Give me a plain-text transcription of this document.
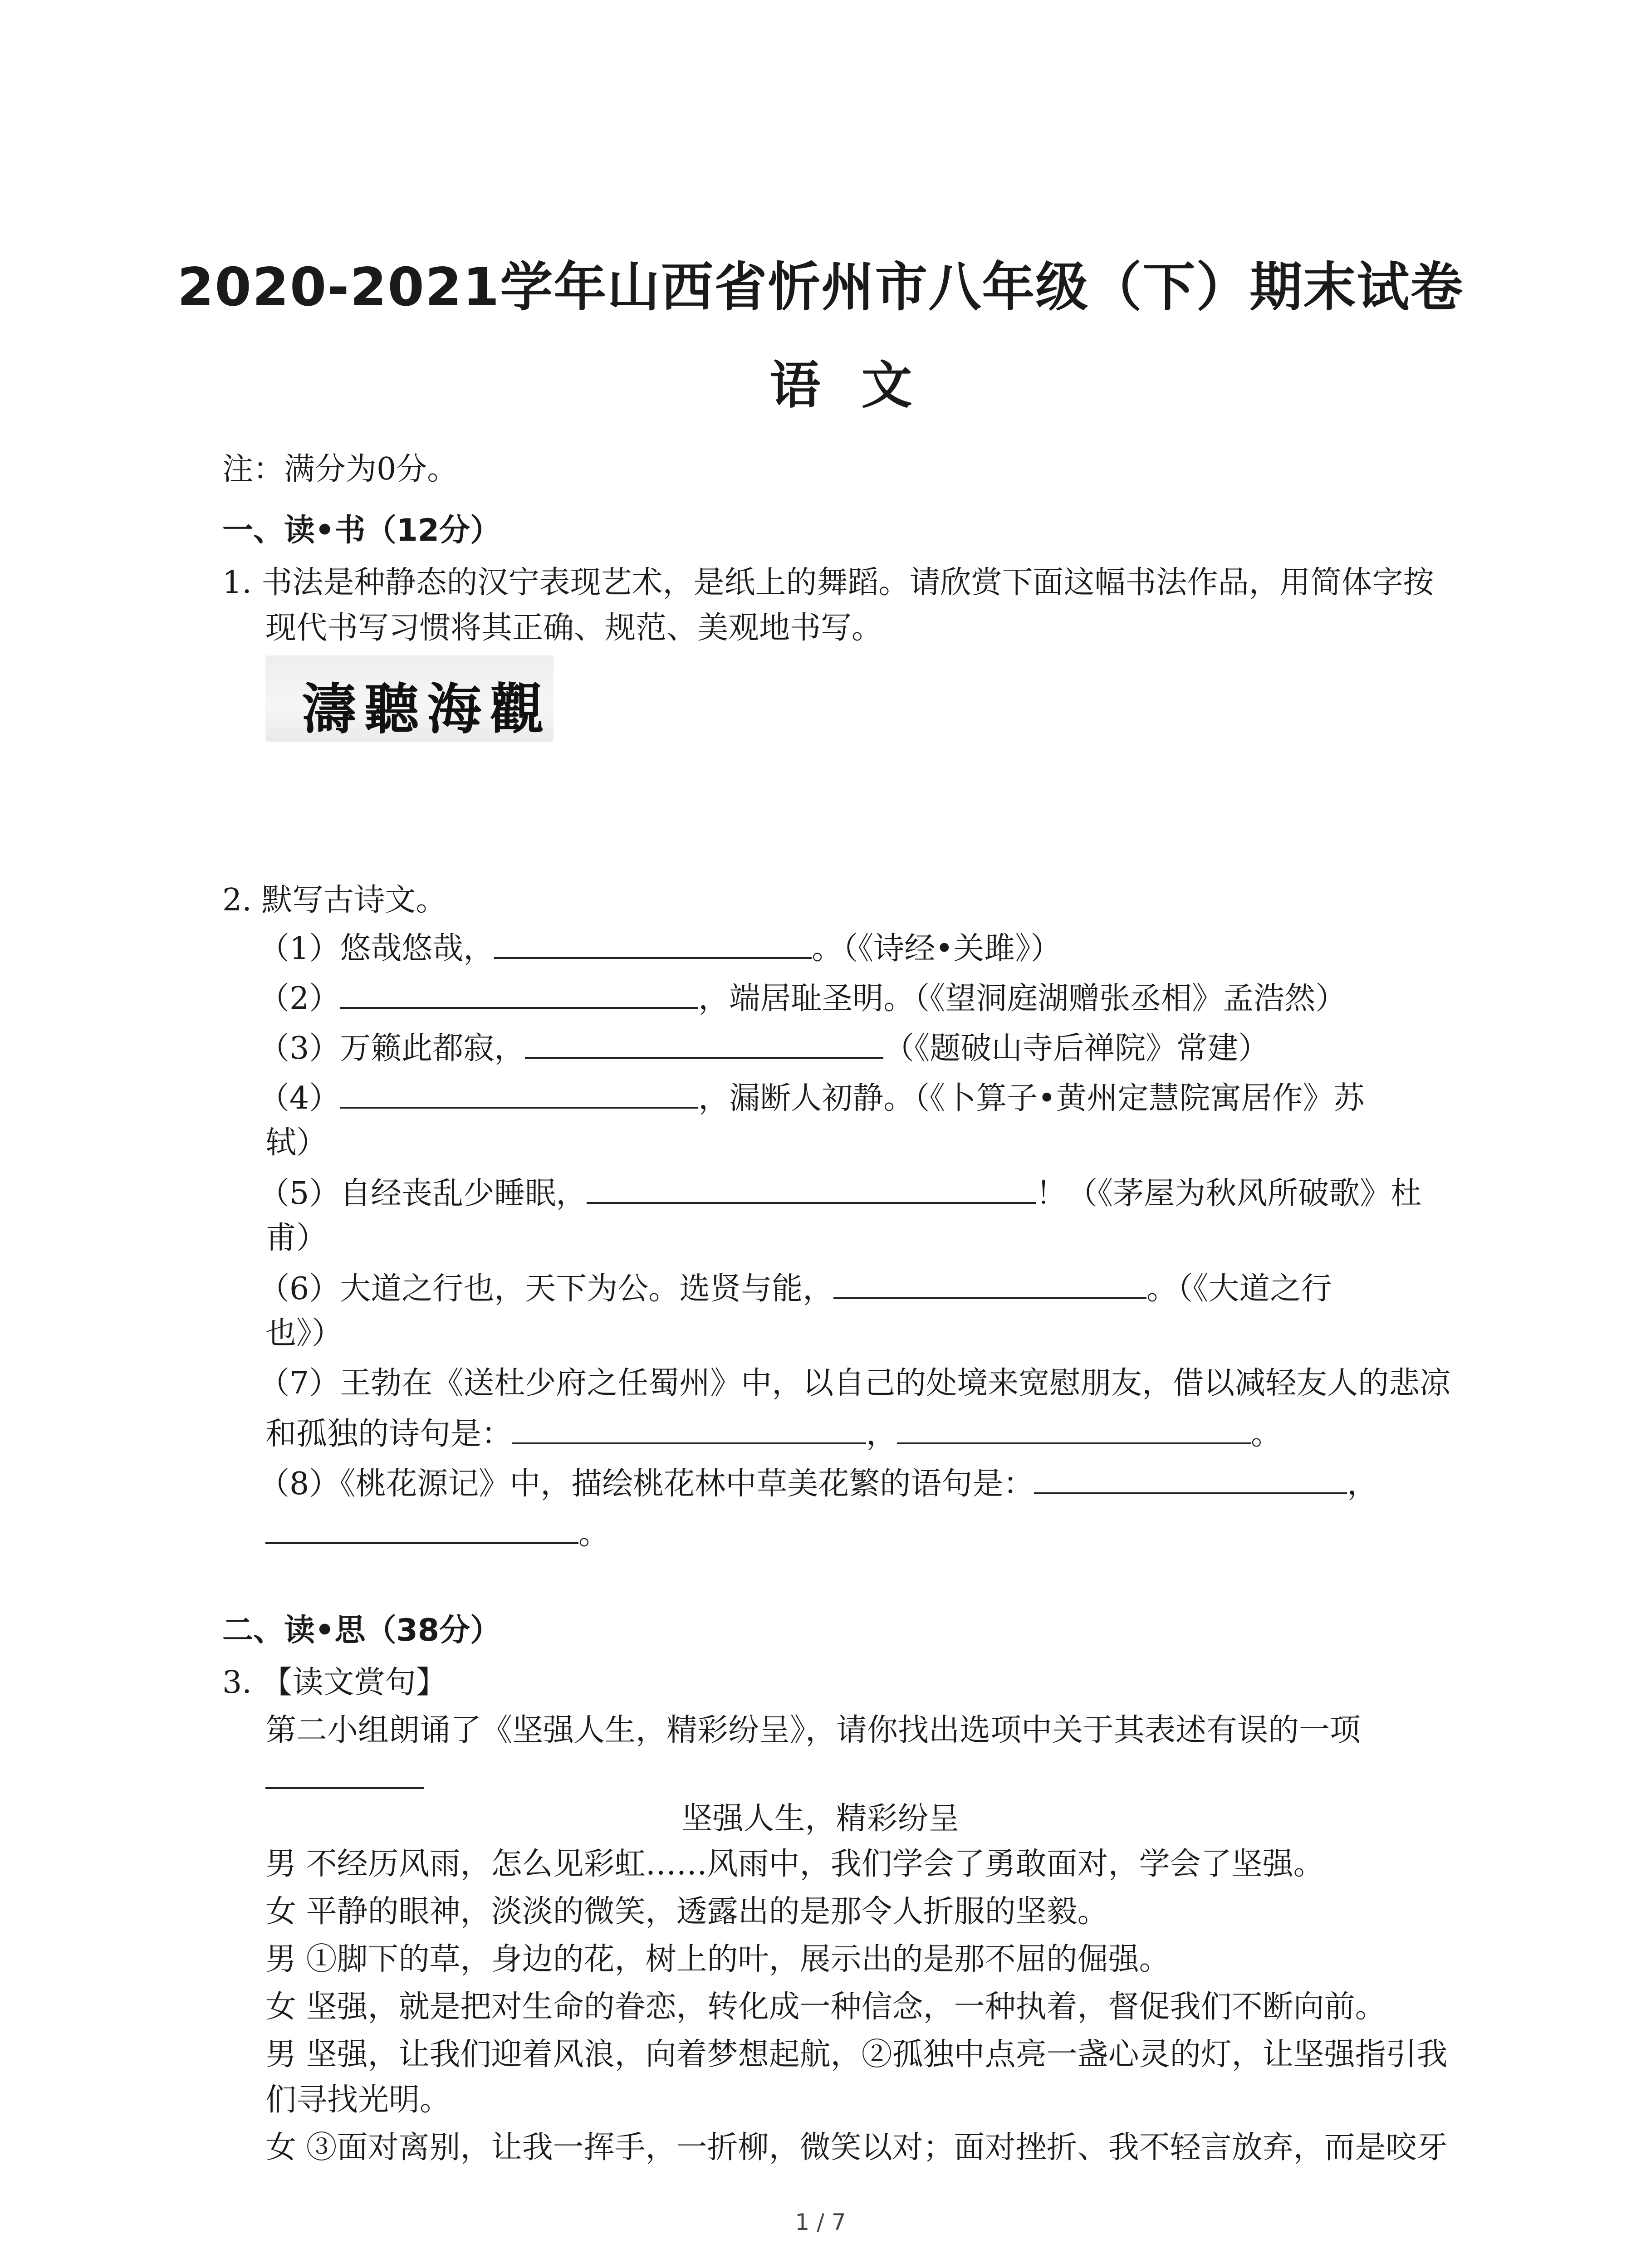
2020-2021学年山西省忻州市八年级（下）期末试卷
语文
注：满分为0分。
一、读•书（12分）
1. 书法是种静态的汉宁表现艺术，是纸上的舞蹈。请欣赏下面这幅书法作品，用简体字按
现代书写习惯将其正确、规范、美观地书写。
濤聽海觀
2. 默写古诗文。
（1）悠哉悠哉，	。（《诗经•关雎》）
（2）	，端居耻圣明。（《望洞庭湖赠张丞相》孟浩然）
（3）万籁此都寂，	（《题破山寺后禅院》常建）
（4）	，漏断人初静。（《卜算子•黄州定慧院寓居作》苏
轼）
（5）自经丧乱少睡眠，	！（《茅屋为秋风所破歌》杜
甫）
（6）大道之行也，天下为公。选贤与能，	。（《大道之行
也》）
（7）王勃在《送杜少府之任蜀州》中，以自己的处境来宽慰朋友，借以减轻友人的悲凉
和孤独的诗句是：	，	。
（8）《桃花源记》中，描绘桃花林中草美花繁的语句是：	，
。
二、读•思（38分）
3. 【读文赏句】
第二小组朗诵了《坚强人生，精彩纷呈》，请你找出选项中关于其表述有误的一项
坚强人生，精彩纷呈
男 不经历风雨，怎么见彩虹……风雨中，我们学会了勇敢面对，学会了坚强。
女 平静的眼神，淡淡的微笑，透露出的是那令人折服的坚毅。
男 ①脚下的草，身边的花，树上的叶，展示出的是那不屈的倔强。
女 坚强，就是把对生命的眷恋，转化成一种信念，一种执着，督促我们不断向前。
男 坚强，让我们迎着风浪，向着梦想起航，②孤独中点亮一盏心灵的灯，让坚强指引我
们寻找光明。
女 ③面对离别，让我一挥手，一折柳，微笑以对；面对挫折、我不轻言放弃，而是咬牙
1 / 7
